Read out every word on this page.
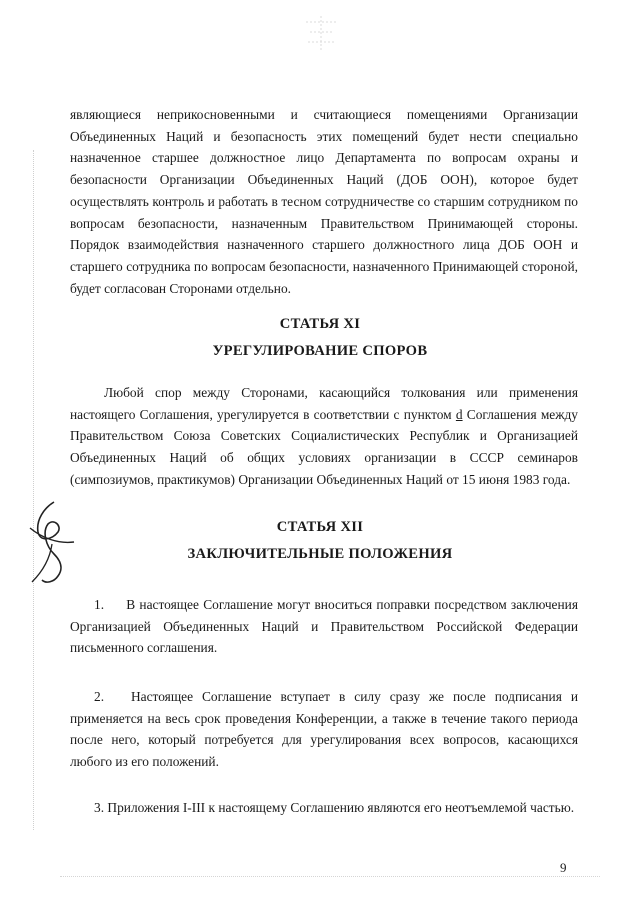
являющиеся неприкосновенными и считающиеся помещениями Организации Объединенных Наций и безопасность этих помещений будет нести специально назначенное старшее должностное лицо Департамента по вопросам охраны и безопасности Организации Объединенных Наций (ДОБ ООН), которое будет осуществлять контроль и работать в тесном сотрудничестве со старшим сотрудником по вопросам безопасности, назначенным Правительством Принимающей стороны. Порядок взаимодействия назначенного старшего должностного лица ДОБ ООН и старшего сотрудника по вопросам безопасности, назначенного Принимающей стороной, будет согласован Сторонами отдельно.
СТАТЬЯ XI
УРЕГУЛИРОВАНИЕ СПОРОВ
Любой спор между Сторонами, касающийся толкования или применения настоящего Соглашения, урегулируется в соответствии с пунктом d Соглашения между Правительством Союза Советских Социалистических Республик и Организацией Объединенных Наций об общих условиях организации в СССР семинаров (симпозиумов, практикумов) Организации Объединенных Наций от 15 июня 1983 года.
СТАТЬЯ XII
ЗАКЛЮЧИТЕЛЬНЫЕ ПОЛОЖЕНИЯ
1. В настоящее Соглашение могут вноситься поправки посредством заключения Организацией Объединенных Наций и Правительством Российской Федерации письменного соглашения.
2. Настоящее Соглашение вступает в силу сразу же после подписания и применяется на весь срок проведения Конференции, а также в течение такого периода после него, который потребуется для урегулирования всех вопросов, касающихся любого из его положений.
3. Приложения I-III к настоящему Соглашению являются его неотъемлемой частью.
9
